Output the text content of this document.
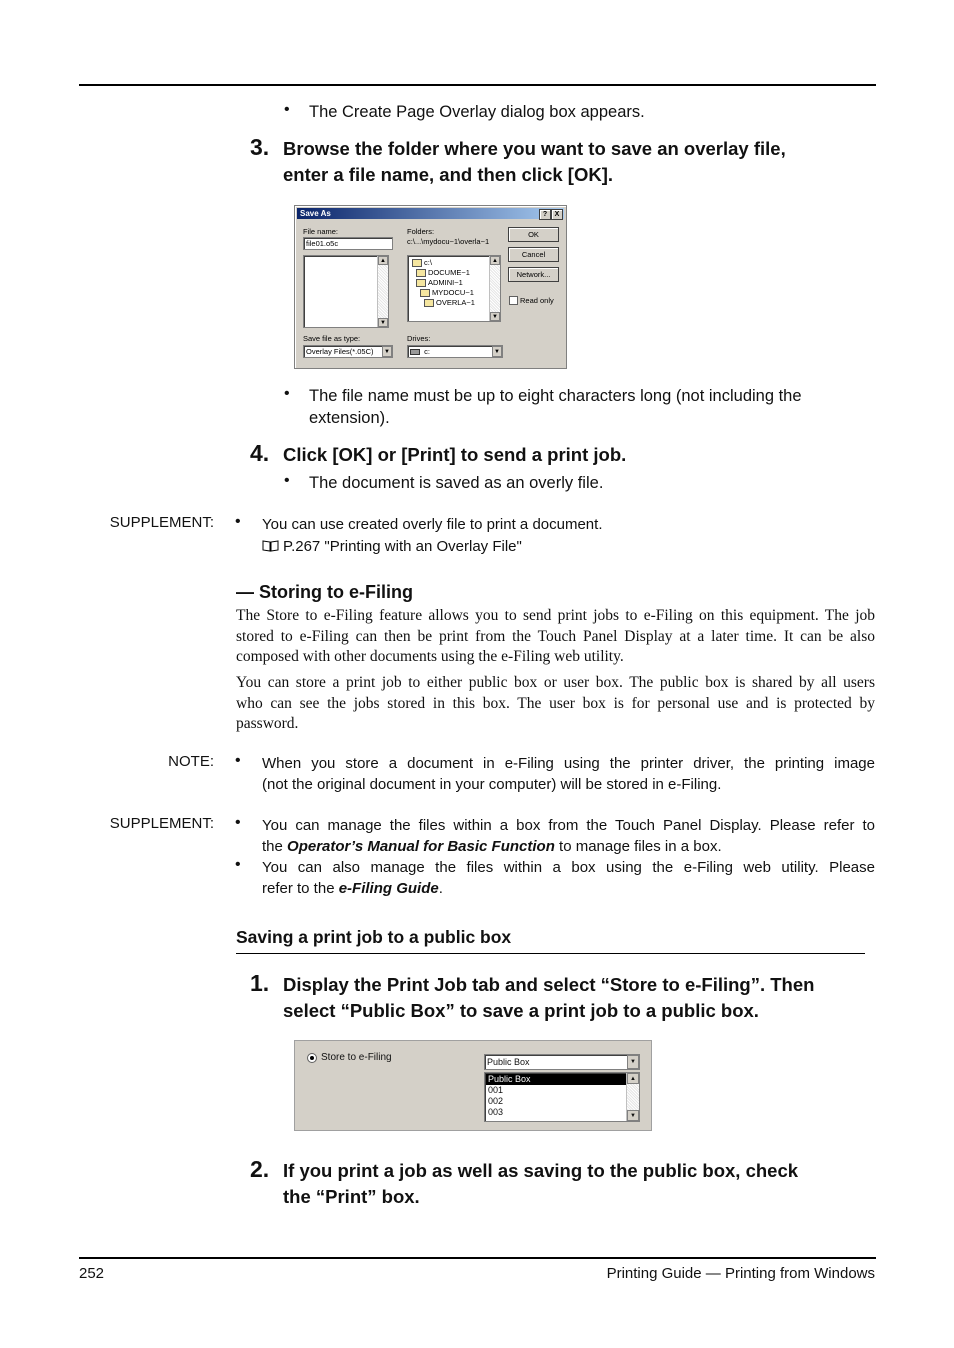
• The Create Page Overlay dialog box appears.
3. Browse the folder where you want to save an overlay file,
enter a file name, and then click [OK].
Save As	?	X
File name:
file01.o5c
▲
▼
Folders:
c:\...\mydocu~1\overla~1
c:\
DOCUME~1
ADMINI~1
MYDOCU~1
OVERLA~1
▲
▼
OK
Cancel
Network...
Read only
Save file as type:
Overlay Files(*.05C)	▼
Drives:
c:	▼
• The file name must be up to eight characters long (not including the
extension).
4. Click [OK] or [Print] to send a print job.
• The document is saved as an overly file.
SUPPLEMENT: • You can use created overly file to print a document.
P.267 "Printing with an Overlay File"
— Storing to e-Filing
The Store to e-Filing feature allows you to send print jobs to e-Filing on this equipment. The job
stored to e-Filing can then be print from the Touch Panel Display at a later time. It can be also
composed with other documents using the e-Filing web utility.
You can store a print job to either public box or user box. The public box is shared by all users
who can see the jobs stored in this box. The user box is for personal use and is protected by
password.
NOTE: • When you store a document in e-Filing using the printer driver, the printing image
(not the original document in your computer) will be stored in e-Filing.
SUPPLEMENT: • You can manage the files within a box from the Touch Panel Display. Please refer to
the Operator’s Manual for Basic Function to manage files in a box.
• You can also manage the files within a box using the e-Filing web utility. Please
refer to the e-Filing Guide.
Saving a print job to a public box
1. Display the Print Job tab and select “Store to e-Filing”. Then
select “Public Box” to save a print job to a public box.
Store to e-Filing	Public Box	▼
Public Box
001
002
003
▲
▼
2. If you print a job as well as saving to the public box, check
the “Print” box.
252	Printing Guide — Printing from Windows
